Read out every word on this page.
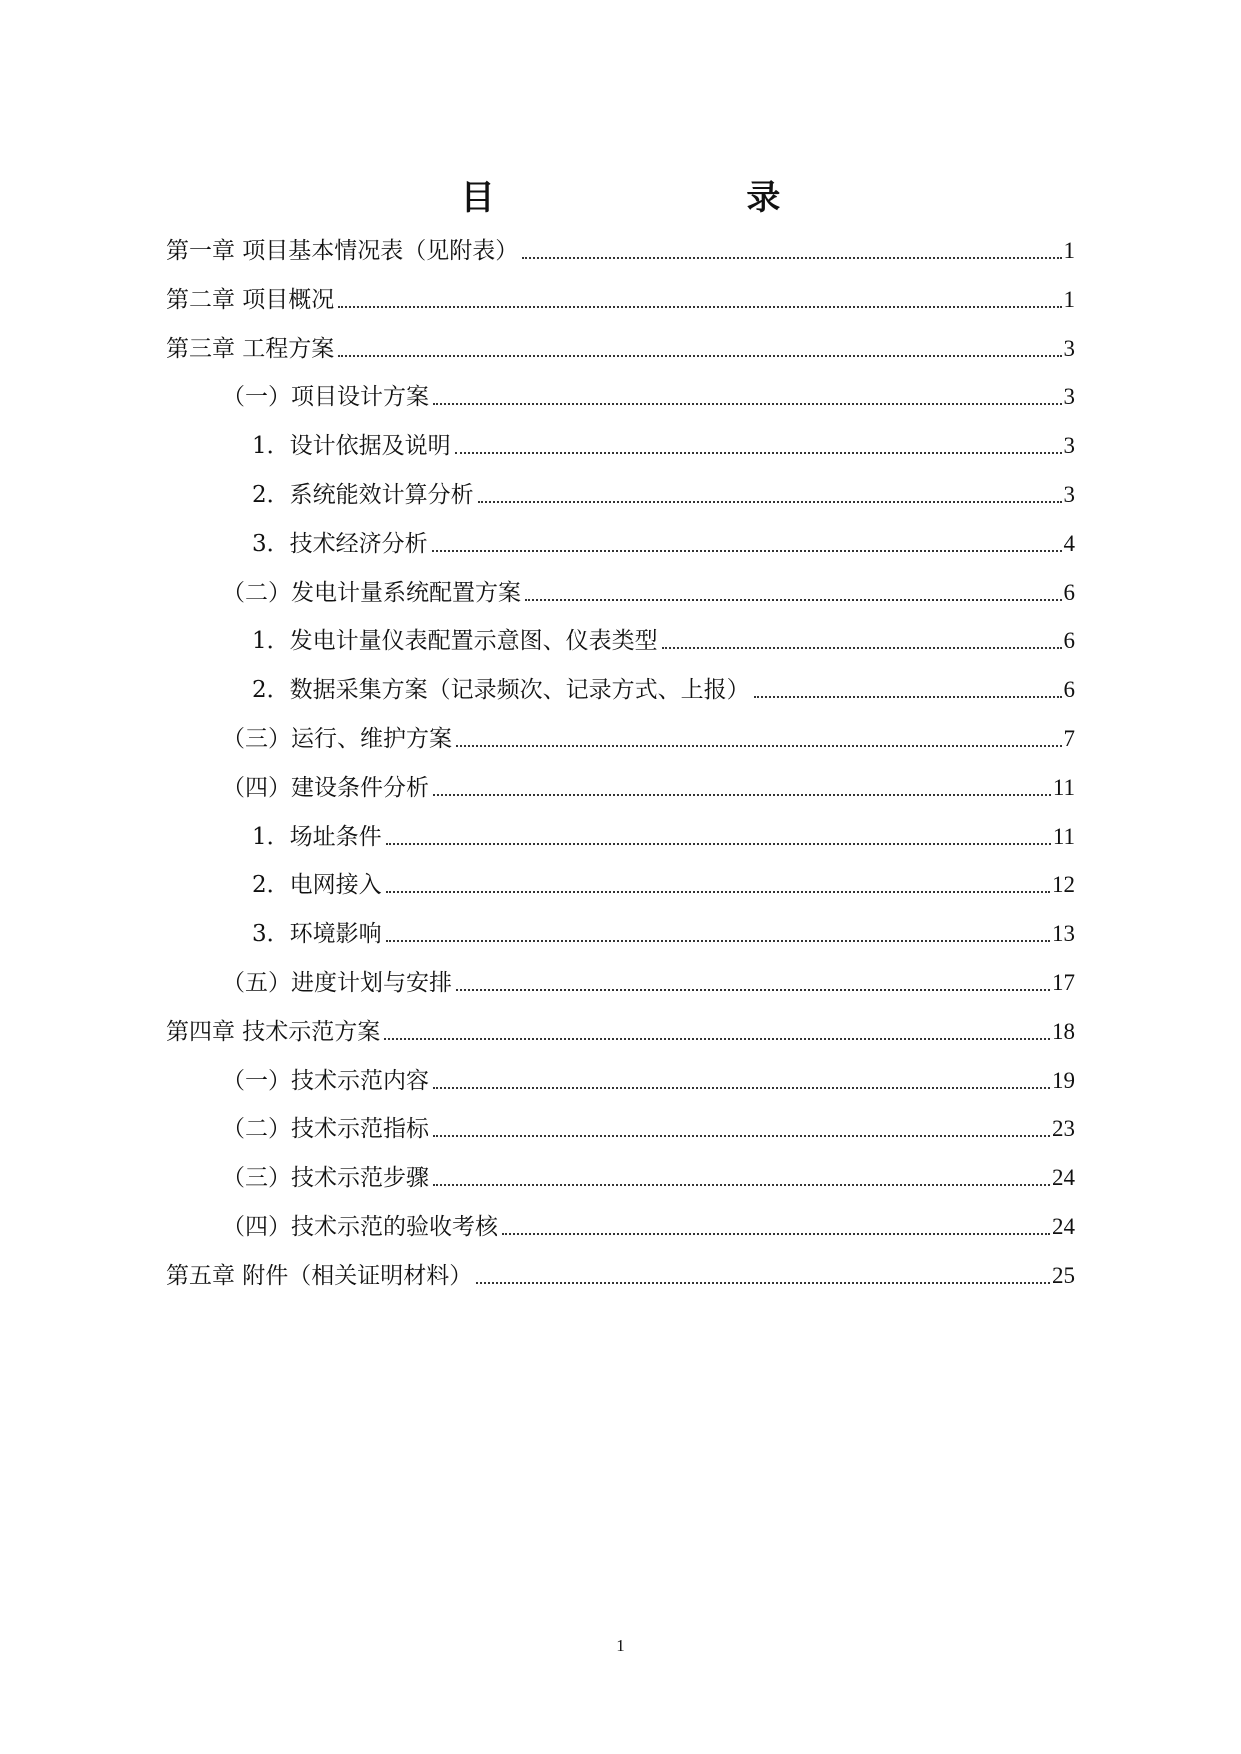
目 录
第一章 项目基本情况表（见附表）	1
第二章 项目概况	1
第三章 工程方案	3
（一）项目设计方案	3
1．设计依据及说明	3
2．系统能效计算分析	3
3．技术经济分析	4
（二）发电计量系统配置方案	6
1．发电计量仪表配置示意图、仪表类型	6
2．数据采集方案（记录频次、记录方式、上报）	6
（三）运行、维护方案	7
（四）建设条件分析	11
1．场址条件	11
2．电网接入	12
3．环境影响	13
（五）进度计划与安排	17
第四章 技术示范方案	18
（一）技术示范内容	19
（二）技术示范指标	23
（三）技术示范步骤	24
（四）技术示范的验收考核	24
第五章 附件（相关证明材料）	25

1
